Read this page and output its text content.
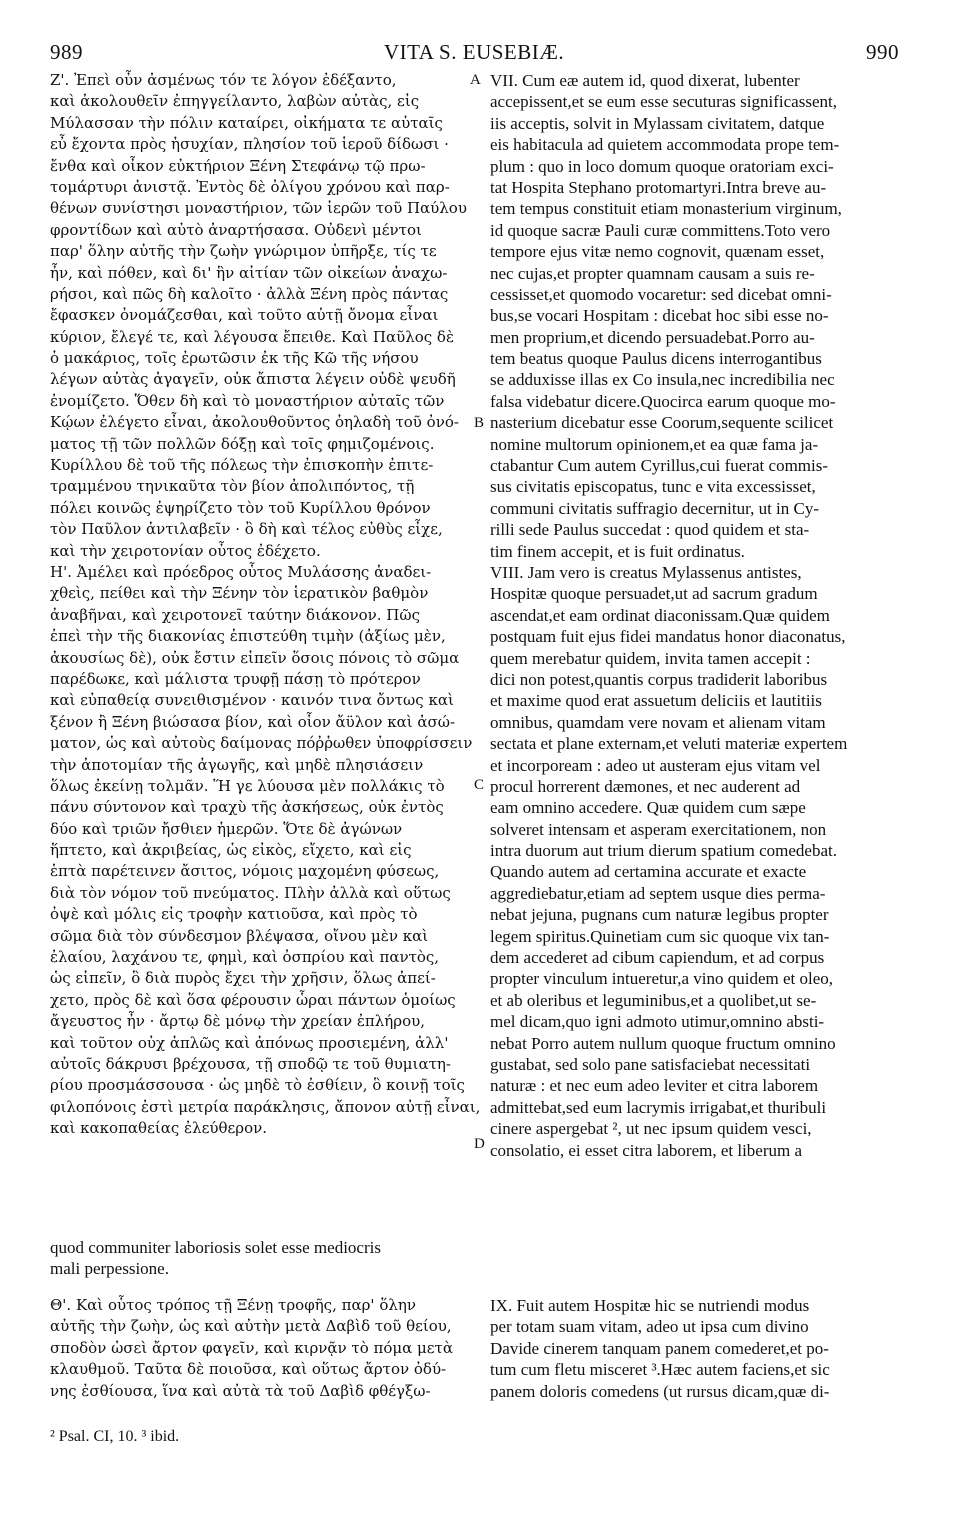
989	VITA S. EUSEBIÆ.	990
A
B
C
D
Ζ'. Ἐπεὶ οὖν ἀσμένως τόν τε λόγον ἐδέξαντο,
καὶ ἀκολουθεῖν ἐπηγγείλαντο, λαβὼν αὐτὰς, εἰς
Μύλασσαν τὴν πόλιν καταίρει, οἰκήματα τε αὐταῖς
εὖ ἔχοντα πρὸς ἡσυχίαν, πλησίον τοῦ ἱεροῦ δίδωσι ·
ἔνθα καὶ οἶκον εὐκτήριον Ξένη Στεφάνῳ τῷ πρω-
τομάρτυρι ἀνιστᾷ. Ἐντὸς δὲ ὀλίγου χρόνου καὶ παρ-
θένων συνίστησι μοναστήριον, τῶν ἱερῶν τοῦ Παύλου
φροντίδων καὶ αὐτὸ ἀναρτήσασα. Οὐδενὶ μέντοι
παρ' ὅλην αὐτῆς τὴν ζωὴν γνώριμον ὑπῆρξε, τίς τε
ἦν, καὶ πόθεν, καὶ δι' ἣν αἰτίαν τῶν οἰκείων ἀναχω-
ρήσοι, καὶ πῶς δὴ καλοῖτο · ἀλλὰ Ξένη πρὸς πάντας
ἔφασκεν ὀνομάζεσθαι, καὶ τοῦτο αὐτῇ ὄνομα εἶναι
κύριον, ἔλεγέ τε, καὶ λέγουσα ἔπειθε. Καὶ Παῦλος δὲ
ὁ μακάριος, τοῖς ἐρωτῶσιν ἐκ τῆς Κῶ τῆς νήσου
λέγων αὐτὰς ἀγαγεῖν, οὐκ ἄπιστα λέγειν οὐδὲ ψευδῆ
ἐνομίζετο. Ὅθεν δὴ καὶ τὸ μοναστήριον αὐταῖς τῶν
Κῴων ἐλέγετο εἶναι, ἀκολουθοῦντος ὁηλαδὴ τοῦ ὀνό-
ματος τῇ τῶν πολλῶν δόξῃ καὶ τοῖς φημιζομένοις.
Κυρίλλου δὲ τοῦ τῆς πόλεως τὴν ἐπισκοπὴν ἐπιτε-
τραμμένου τηνικαῦτα τὸν βίον ἀπολιπόντος, τῇ
πόλει κοινῶς ἐψηρίζετο τὸν τοῦ Κυρίλλου θρόνον
τὸν Παῦλον ἀντιλαβεῖν · ὃ δὴ καὶ τέλος εὐθὺς εἶχε,
καὶ τὴν χειροτονίαν οὗτος ἐδέχετο.
Η'. Ἀμέλει καὶ πρόεδρος οὗτος Μυλάσσης ἀναδει-
χθεὶς, πείθει καὶ τὴν Ξένην τὸν ἱερατικὸν βαθμὸν
ἀναβῆναι, καὶ χειροτονεῖ ταύτην διάκονον. Πῶς
ἐπεὶ τὴν τῆς διακονίας ἐπιστεύθη τιμὴν (ἀξίως μὲν,
ἀκουσίως δὲ), οὐκ ἔστιν εἰπεῖν ὅσοις πόνοις τὸ σῶμα
παρέδωκε, καὶ μάλιστα τρυφῇ πάσῃ τὸ πρότερον
καὶ εὐπαθείᾳ συνειθισμένον · καινόν τινα ὄντως καὶ
ξένον ἢ Ξένη βιώσασα βίον, καὶ οἷον ἄϋλον καὶ ἀσώ-
ματον, ὡς καὶ αὐτοὺς δαίμονας πόῤῥωθεν ὑποφρίσσειν
τὴν ἀποτομίαν τῆς ἀγωγῆς, καὶ μηδὲ πλησιάσειν
ὅλως ἐκείνῃ τολμᾶν. Ἥ γε λύουσα μὲν πολλάκις τὸ
πάνυ σύντονον καὶ τραχὺ τῆς ἀσκήσεως, οὐκ ἐντὸς
δύο καὶ τριῶν ἤσθιεν ἡμερῶν. Ὅτε δὲ ἀγώνων
ἥπτετο, καὶ ἀκριβείας, ὡς εἰκὸς, εἴχετο, καὶ εἰς
ἑπτὰ παρέτεινεν ἄσιτος, νόμοις μαχομένη φύσεως,
διὰ τὸν νόμον τοῦ πνεύματος. Πλὴν ἀλλὰ καὶ οὕτως
ὀψὲ καὶ μόλις εἰς τροφὴν κατιοῦσα, καὶ πρὸς τὸ
σῶμα διὰ τὸν σύνδεσμον βλέψασα, οἴνου μὲν καὶ
ἐλαίου, λαχάνου τε, φημὶ, καὶ ὀσπρίου καὶ παντὸς,
ὡς εἰπεῖν, ὃ διὰ πυρὸς ἔχει τὴν χρῆσιν, ὅλως ἀπεί-
χετο, πρὸς δὲ καὶ ὅσα φέρουσιν ὧραι πάντων ὁμοίως
ἄγευστος ἦν · ἄρτῳ δὲ μόνῳ τὴν χρείαν ἐπλήρου,
καὶ τοῦτον οὐχ ἁπλῶς καὶ ἀπόνως προσιεμένη, ἀλλ'
αὐτοῖς δάκρυσι βρέχουσα, τῇ σποδῷ τε τοῦ θυμιατη-
ρίου προσμάσσουσα · ὡς μηδὲ τὸ ἐσθίειν, ὃ κοινῇ τοῖς
φιλοπόνοις ἐστὶ μετρία παράκλησις, ἄπονον αὐτῇ εἶναι,
καὶ κακοπαθείας ἐλεύθερον.
VII. Cum eæ autem id, quod dixerat, lubenter
accepissent,et se eum esse secuturas significassent,
iis acceptis, solvit in Mylassam civitatem, datque
eis habitacula ad quietem accommodata prope tem-
plum : quo in loco domum quoque oratoriam exci-
tat Hospita Stephano protomartyri.Intra breve au-
tem tempus constituit etiam monasterium virginum,
id quoque sacræ Pauli curæ committens.Toto vero
tempore ejus vitæ nemo cognovit, quænam esset,
nec cujas,et propter quamnam causam a suis re-
cessisset,et quomodo vocaretur: sed dicebat omni-
bus,se vocari Hospitam : dicebat hoc sibi esse no-
men proprium,et dicendo persuadebat.Porro au-
tem beatus quoque Paulus dicens interrogantibus
se adduxisse illas ex Co insula,nec incredibilia nec
falsa videbatur dicere.Quocirca earum quoque mo-
nasterium dicebatur esse Coorum,sequente scilicet
nomine multorum opinionem,et ea quæ fama ja-
ctabantur Cum autem Cyrillus,cui fuerat commis-
sus civitatis episcopatus, tunc e vita excessisset,
communi civitatis suffragio decernitur, ut in Cy-
rilli sede Paulus succedat : quod quidem et sta-
tim finem accepit, et is fuit ordinatus.
VIII. Jam vero is creatus Mylassenus antistes,
Hospitæ quoque persuadet,ut ad sacrum gradum
ascendat,et eam ordinat diaconissam.Quæ quidem
postquam fuit ejus fidei mandatus honor diaconatus,
quem merebatur quidem, invita tamen accepit :
dici non potest,quantis corpus tradiderit laboribus
et maxime quod erat assuetum deliciis et lautitiis
omnibus, quamdam vere novam et alienam vitam
sectata et plane externam,et veluti materiæ expertem
et incorpoream : adeo ut austeram ejus vitam vel
procul horrerent dæmones, et nec auderent ad
eam omnino accedere. Quæ quidem cum sæpe
solveret intensam et asperam exercitationem, non
intra duorum aut trium dierum spatium comedebat.
Quando autem ad certamina accurate et exacte
aggrediebatur,etiam ad septem usque dies perma-
nebat jejuna, pugnans cum naturæ legibus propter
legem spiritus.Quinetiam cum sic quoque vix tan-
dem accederet ad cibum capiendum, et ad corpus
propter vinculum intueretur,a vino quidem et oleo,
et ab oleribus et leguminibus,et a quolibet,ut se-
mel dicam,quo igni admoto utimur,omnino absti-
nebat Porro autem nullum quoque fructum omnino
gustabat, sed solo pane satisfaciebat necessitati
naturæ : et nec eum adeo leviter et citra laborem
admittebat,sed eum lacrymis irrigabat,et thuribuli
cinere aspergebat ², ut nec ipsum quidem vesci,
consolatio, ei esset citra laborem, et liberum a
quod communiter laboriosis solet esse mediocris
mali perpessione.
Θ'. Καὶ οὗτος τρόπος τῇ Ξένῃ τροφῆς, παρ' ὅλην
αὐτῆς τὴν ζωὴν, ὡς καὶ αὐτὴν μετὰ Δαβὶδ τοῦ θείου,
σποδὸν ὡσεὶ ἄρτον φαγεῖν, καὶ κιρνᾷν τὸ πόμα μετὰ
κλαυθμοῦ. Ταῦτα δὲ ποιοῦσα, καὶ οὕτως ἄρτον ὀδύ-
νης ἐσθίουσα, ἵνα καὶ αὐτὰ τὰ τοῦ Δαβὶδ φθέγξω-
IX. Fuit autem Hospitæ hic se nutriendi modus
per totam suam vitam, adeo ut ipsa cum divino
Davide cinerem tanquam panem comederet,et po-
tum cum fletu misceret ³.Hæc autem faciens,et sic
panem doloris comedens (ut rursus dicam,quæ di-
² Psal. CI, 10. ³ ibid.
